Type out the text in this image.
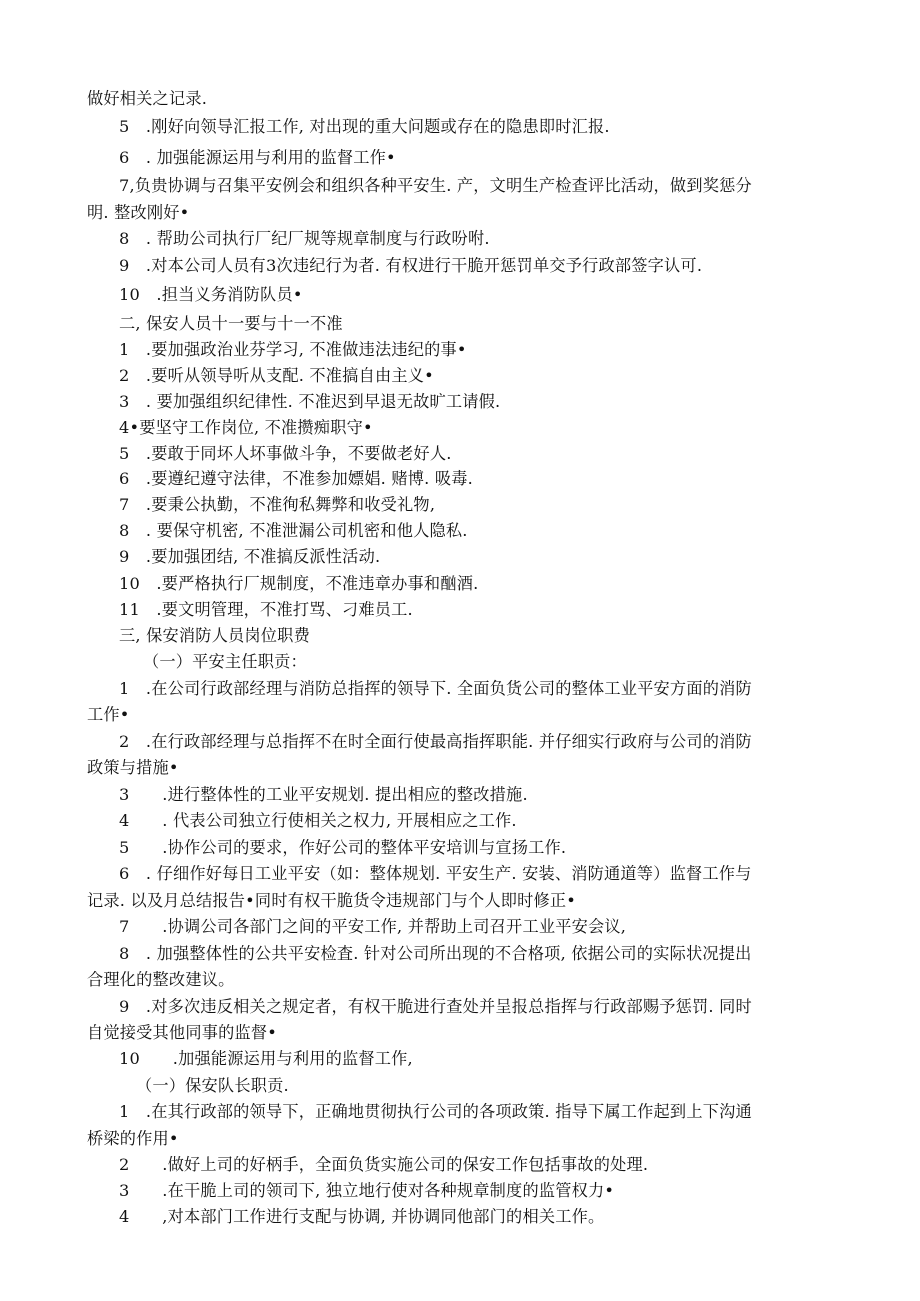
做好相关之记录.
5　.刚好向领导汇报工作, 对出现的重大问题或存在的隐患即时汇报.
6　. 加强能源运用与利用的监督工作•
7,负贵协调与召集平安例会和组织各种平安生. 产，文明生产检查评比活动，做到奖惩分
明. 整改刚好•
8　. 帮助公司执行厂纪厂规等规章制度与行政吩咐.
9　.对本公司人员有3次违纪行为者. 有权进行干脆开惩罚单交予行政部签字认可.
10　.担当义务消防队员•
二, 保安人员十一要与十一不准
1　.要加强政治业芬学习, 不准做违法违纪的事•
2　.要听从领导听从支配. 不准搞自由主义•
3　. 要加强组织纪律性. 不准迟到早退无故旷工请假.
4•要坚守工作岗位, 不准攒痴职守•
5　.要敢于同坏人坏事做斗争，不要做老好人.
6　.要遵纪遵守法律，不准参加嫖娼. 赌博. 吸毒.
7　.要秉公执勤，不准徇私舞弊和收受礼物,
8　. 要保守机密, 不准泄漏公司机密和他人隐私.
9　.要加强团结, 不准搞反派性活动.
10　.要严格执行厂规制度，不准违章办事和酗酒.
11　.要文明管理，不准打骂、刁难员工.
三, 保安消防人员岗位职费
（一）平安主任职贡：
1　.在公司行政部经理与消防总指挥的领导下. 全面负货公司的整体工业平安方面的消防
工作•
2　.在行政部经理与总指挥不在时全面行使最高指挥职能. 并仔细实行政府与公司的消防
政策与措施•
3　　.进行整体性的工业平安规划. 提出相应的整改措施.
4　　. 代表公司独立行使相关之权力, 开展相应之工作.
5　　.协作公司的要求，作好公司的整体平安培训与宣扬工作.
6　. 仔细作好每日工业平安（如：整体规划. 平安生产. 安装、消防通道等）监督工作与
记录. 以及月总结报告•同时有权干脆货令违规部门与个人即时修正•
7　　.协调公司各部门之间的平安工作, 并帮助上司召开工业平安会议,
8　. 加强整体性的公共平安检査. 针对公司所出现的不合格项, 依据公司的实际状况提出
合理化的整改建议。
9　.对多次违反相关之规定者，有权干脆进行查处并呈报总指挥与行政部赐予惩罚. 同时
自觉接受其他同事的监督•
10　　.加强能源运用与利用的监督工作,
（一）保安队长职贡.
1　.在其行政部的领导下，正确地贯彻执行公司的各项政策. 指导下属工作起到上下沟通
桥梁的作用•
2　　.做好上司的好柄手，全面负货实施公司的保安工作包括事故的处理.
3　　.在干脆上司的领司下, 独立地行使对各种规章制度的监管权力•
4　　,对本部门工作进行支配与协调, 并协调同他部门的相关工作。
